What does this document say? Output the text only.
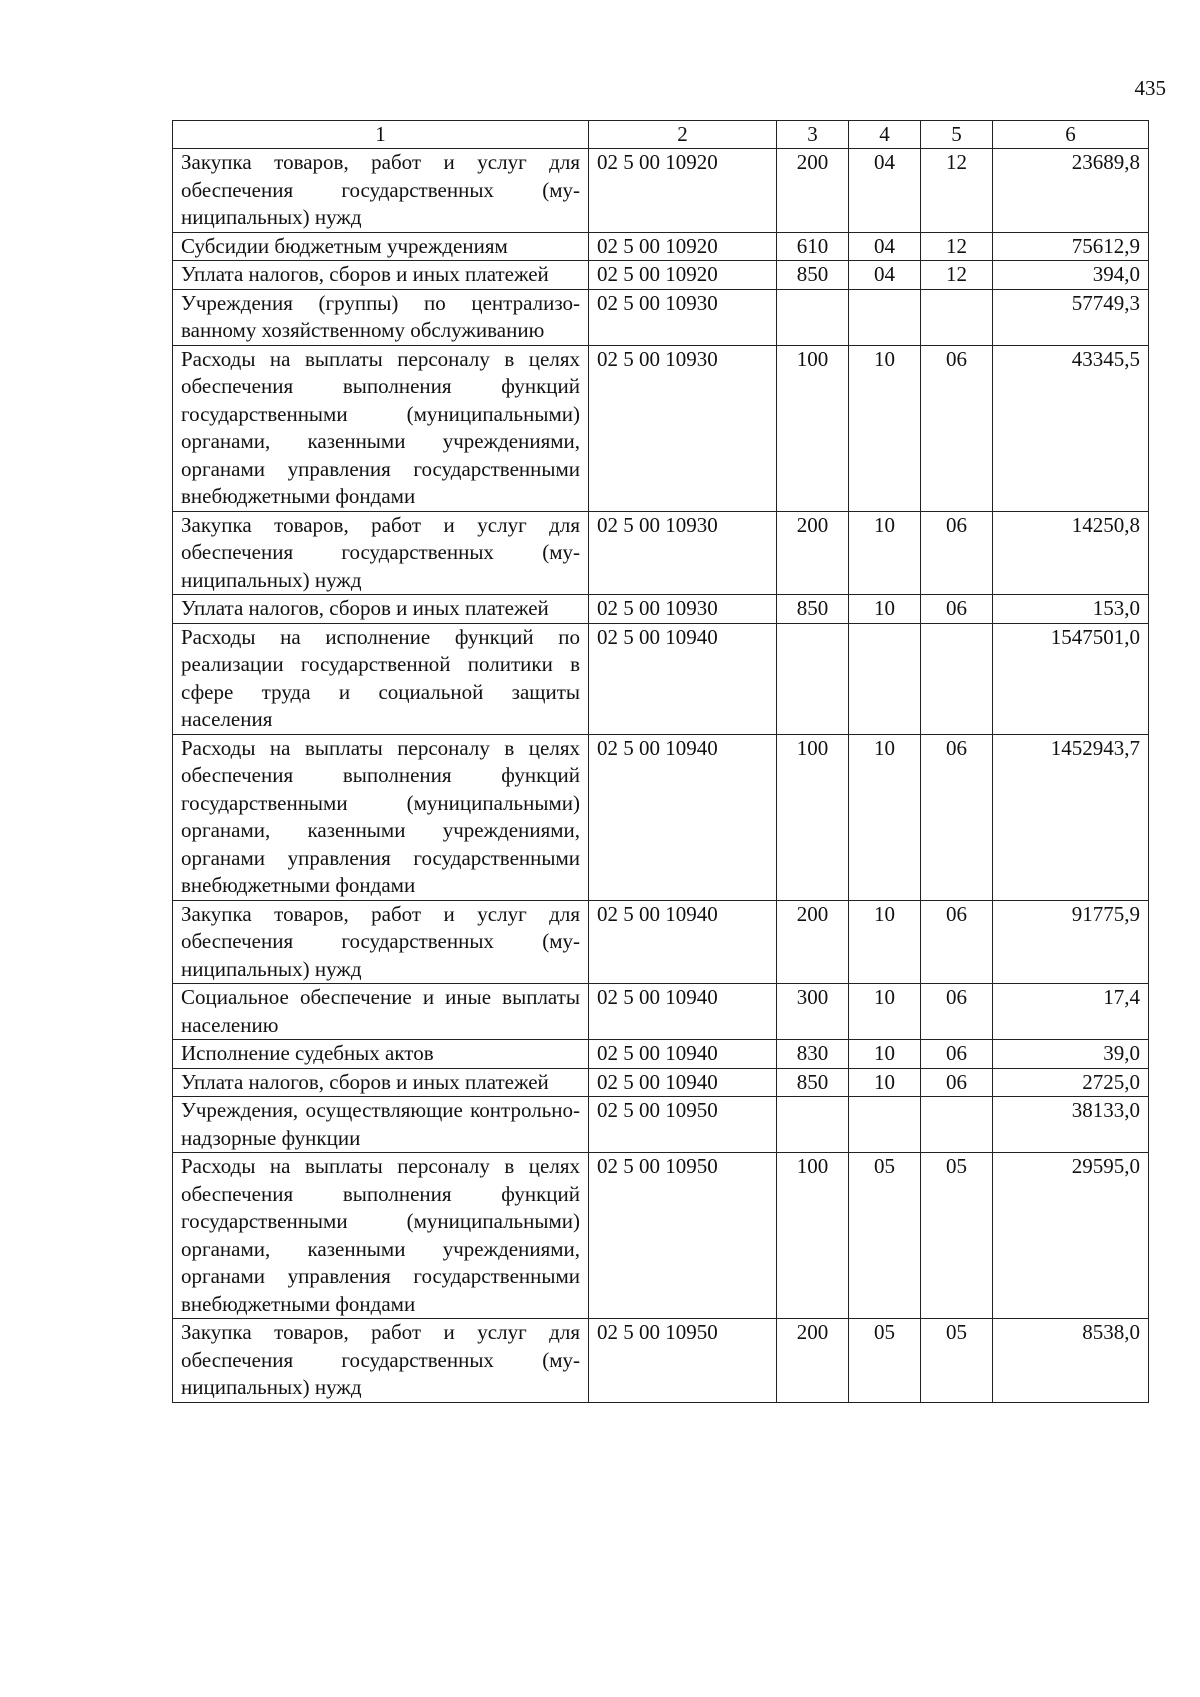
435
1	2	3	4	5	6
Закупка товаров, работ и услуг для обеспечения государственных (муниципальных) нужд	02 5 00 10920	200	04	12	23689,8
Субсидии бюджетным учреждениям	02 5 00 10920	610	04	12	75612,9
Уплата налогов, сборов и иных платежей	02 5 00 10920	850	04	12	394,0
Учреждения (группы) по централизованному хозяйственному обслуживанию	02 5 00 10930				57749,3
Расходы на выплаты персоналу в целях обеспечения выполнения функций государственными (муниципальными) органами, казенными учреждениями, органами управления государственными внебюджетными фондами	02 5 00 10930	100	10	06	43345,5
Закупка товаров, работ и услуг для обеспечения государственных (муниципальных) нужд	02 5 00 10930	200	10	06	14250,8
Уплата налогов, сборов и иных платежей	02 5 00 10930	850	10	06	153,0
Расходы на исполнение функций по реализации государственной политики в сфере труда и социальной защиты населения	02 5 00 10940				1547501,0
Расходы на выплаты персоналу в целях обеспечения выполнения функций государственными (муниципальными) органами, казенными учреждениями, органами управления государственными внебюджетными фондами	02 5 00 10940	100	10	06	1452943,7
Закупка товаров, работ и услуг для обеспечения государственных (муниципальных) нужд	02 5 00 10940	200	10	06	91775,9
Социальное обеспечение и иные выплаты населению	02 5 00 10940	300	10	06	17,4
Исполнение судебных актов	02 5 00 10940	830	10	06	39,0
Уплата налогов, сборов и иных платежей	02 5 00 10940	850	10	06	2725,0
Учреждения, осуществляющие контрольно-надзорные функции	02 5 00 10950				38133,0
Расходы на выплаты персоналу в целях обеспечения выполнения функций государственными (муниципальными) органами, казенными учреждениями, органами управления государственными внебюджетными фондами	02 5 00 10950	100	05	05	29595,0
Закупка товаров, работ и услуг для обеспечения государственных (муниципальных) нужд	02 5 00 10950	200	05	05	8538,0
